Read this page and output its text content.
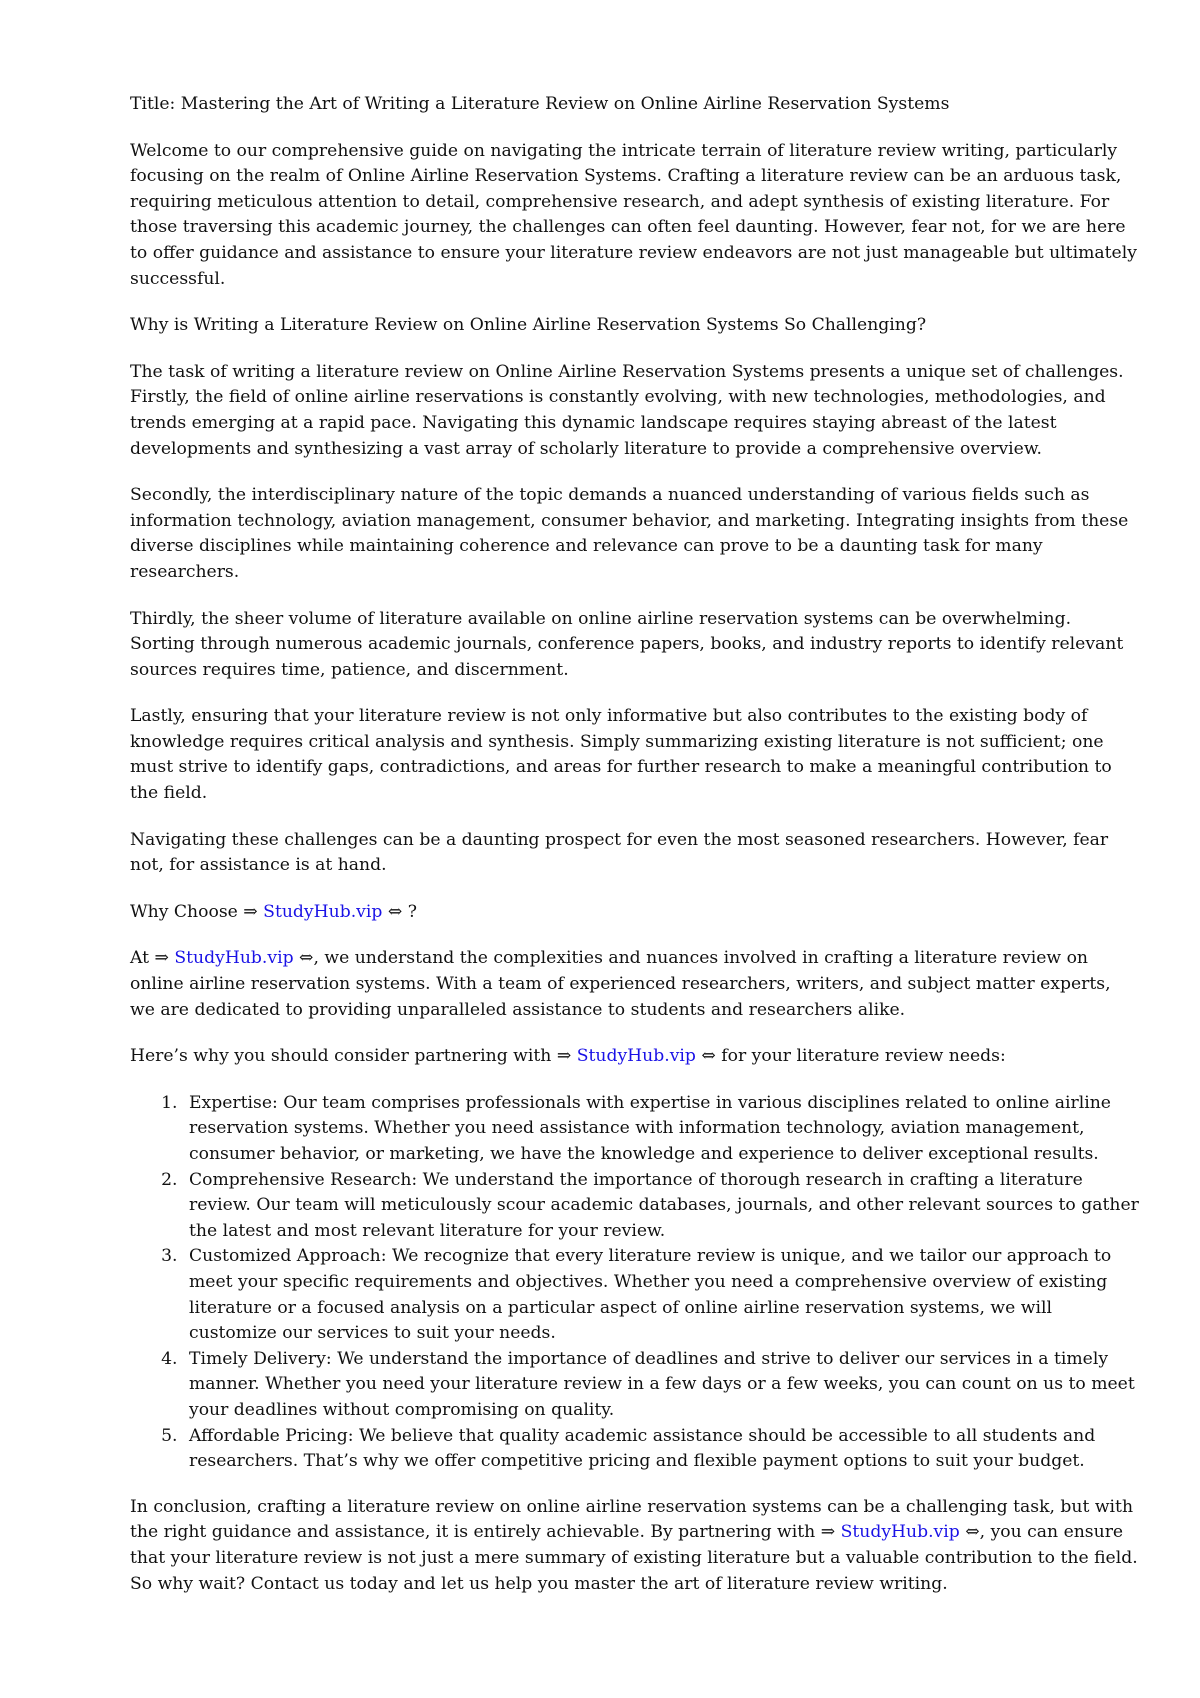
Title: Mastering the Art of Writing a Literature Review on Online Airline Reservation Systems

Welcome to our comprehensive guide on navigating the intricate terrain of literature review writing, particularly focusing on the realm of Online Airline Reservation Systems. Crafting a literature review can be an arduous task, requiring meticulous attention to detail, comprehensive research, and adept synthesis of existing literature. For those traversing this academic journey, the challenges can often feel daunting. However, fear not, for we are here to offer guidance and assistance to ensure your literature review endeavors are not just manageable but ultimately successful.

Why is Writing a Literature Review on Online Airline Reservation Systems So Challenging?

The task of writing a literature review on Online Airline Reservation Systems presents a unique set of challenges. Firstly, the field of online airline reservations is constantly evolving, with new technologies, methodologies, and trends emerging at a rapid pace. Navigating this dynamic landscape requires staying abreast of the latest developments and synthesizing a vast array of scholarly literature to provide a comprehensive overview.

Secondly, the interdisciplinary nature of the topic demands a nuanced understanding of various fields such as information technology, aviation management, consumer behavior, and marketing. Integrating insights from these diverse disciplines while maintaining coherence and relevance can prove to be a daunting task for many researchers.

Thirdly, the sheer volume of literature available on online airline reservation systems can be overwhelming. Sorting through numerous academic journals, conference papers, books, and industry reports to identify relevant sources requires time, patience, and discernment.

Lastly, ensuring that your literature review is not only informative but also contributes to the existing body of knowledge requires critical analysis and synthesis. Simply summarizing existing literature is not sufficient; one must strive to identify gaps, contradictions, and areas for further research to make a meaningful contribution to the field.

Navigating these challenges can be a daunting prospect for even the most seasoned researchers. However, fear not, for assistance is at hand.

Why Choose ⇒ StudyHub.vip ⇔ ?

At ⇒ StudyHub.vip ⇔, we understand the complexities and nuances involved in crafting a literature review on online airline reservation systems. With a team of experienced researchers, writers, and subject matter experts, we are dedicated to providing unparalleled assistance to students and researchers alike.

Here’s why you should consider partnering with ⇒ StudyHub.vip ⇔ for your literature review needs:

1. Expertise: Our team comprises professionals with expertise in various disciplines related to online airline reservation systems. Whether you need assistance with information technology, aviation management, consumer behavior, or marketing, we have the knowledge and experience to deliver exceptional results.
2. Comprehensive Research: We understand the importance of thorough research in crafting a literature review. Our team will meticulously scour academic databases, journals, and other relevant sources to gather the latest and most relevant literature for your review.
3. Customized Approach: We recognize that every literature review is unique, and we tailor our approach to meet your specific requirements and objectives. Whether you need a comprehensive overview of existing literature or a focused analysis on a particular aspect of online airline reservation systems, we will customize our services to suit your needs.
4. Timely Delivery: We understand the importance of deadlines and strive to deliver our services in a timely manner. Whether you need your literature review in a few days or a few weeks, you can count on us to meet your deadlines without compromising on quality.
5. Affordable Pricing: We believe that quality academic assistance should be accessible to all students and researchers. That’s why we offer competitive pricing and flexible payment options to suit your budget.

In conclusion, crafting a literature review on online airline reservation systems can be a challenging task, but with the right guidance and assistance, it is entirely achievable. By partnering with ⇒ StudyHub.vip ⇔, you can ensure that your literature review is not just a mere summary of existing literature but a valuable contribution to the field. So why wait? Contact us today and let us help you master the art of literature review writing.
